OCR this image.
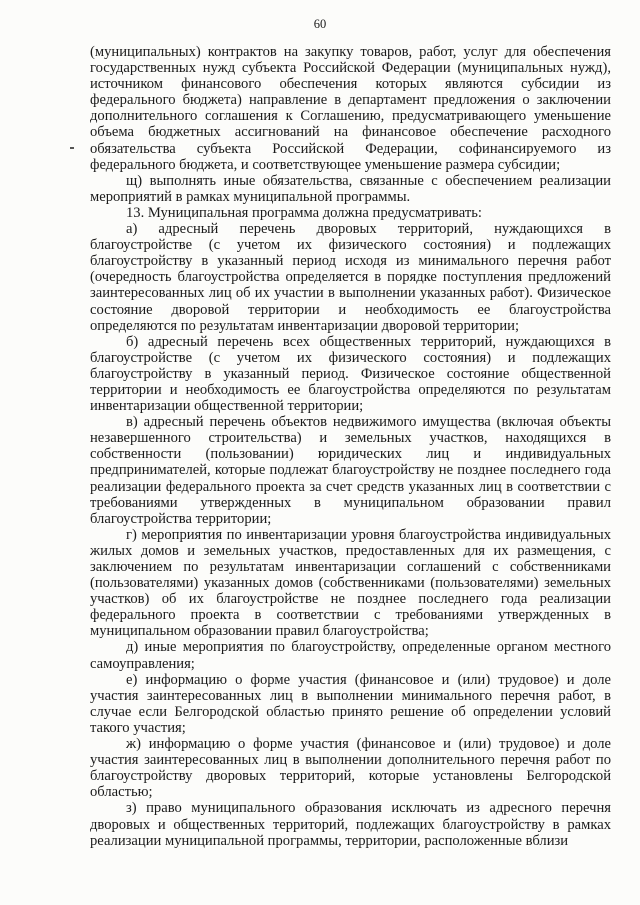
60

(муниципальных) контрактов на закупку товаров, работ, услуг для обеспечения государственных нужд субъекта Российской Федерации (муниципальных нужд), источником финансового обеспечения которых являются субсидии из федерального бюджета) направление в департамент предложения о заключении дополнительного соглашения к Соглашению, предусматривающего уменьшение объема бюджетных ассигнований на финансовое обеспечение расходного обязательства субъекта Российской Федерации, софинансируемого из федерального бюджета, и соответствующее уменьшение размера субсидии;

щ) выполнять иные обязательства, связанные с обеспечением реализации мероприятий в рамках муниципальной программы.

13. Муниципальная программа должна предусматривать:

а) адресный перечень дворовых территорий, нуждающихся в благоустройстве (с учетом их физического состояния) и подлежащих благоустройству в указанный период исходя из минимального перечня работ (очередность благоустройства определяется в порядке поступления предложений заинтересованных лиц об их участии в выполнении указанных работ). Физическое состояние дворовой территории и необходимость ее благоустройства определяются по результатам инвентаризации дворовой территории;

б) адресный перечень всех общественных территорий, нуждающихся в благоустройстве (с учетом их физического состояния) и подлежащих благоустройству в указанный период. Физическое состояние общественной территории и необходимость ее благоустройства определяются по результатам инвентаризации общественной территории;

в) адресный перечень объектов недвижимого имущества (включая объекты незавершенного строительства) и земельных участков, находящихся в собственности (пользовании) юридических лиц и индивидуальных предпринимателей, которые подлежат благоустройству не позднее последнего года реализации федерального проекта за счет средств указанных лиц в соответствии с требованиями утвержденных в муниципальном образовании правил благоустройства территории;

г) мероприятия по инвентаризации уровня благоустройства индивидуальных жилых домов и земельных участков, предоставленных для их размещения, с заключением по результатам инвентаризации соглашений с собственниками (пользователями) указанных домов (собственниками (пользователями) земельных участков) об их благоустройстве не позднее последнего года реализации федерального проекта в соответствии с требованиями утвержденных в муниципальном образовании правил благоустройства;

д) иные мероприятия по благоустройству, определенные органом местного самоуправления;

е) информацию о форме участия (финансовое и (или) трудовое) и доле участия заинтересованных лиц в выполнении минимального перечня работ, в случае если Белгородской областью принято решение об определении условий такого участия;

ж) информацию о форме участия (финансовое и (или) трудовое) и доле участия заинтересованных лиц в выполнении дополнительного перечня работ по благоустройству дворовых территорий, которые установлены Белгородской областью;

з) право муниципального образования исключать из адресного перечня дворовых и общественных территорий, подлежащих благоустройству в рамках реализации муниципальной программы, территории, расположенные вблизи
